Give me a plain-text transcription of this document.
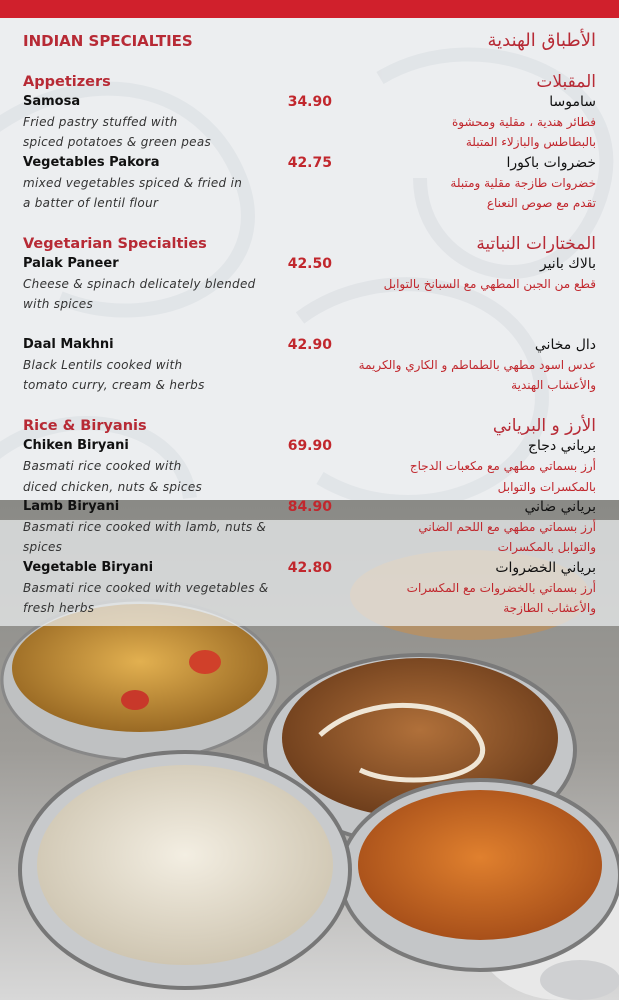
INDIAN SPECIALTIES	الأطباق الهندية
Appetizers	المقبلات
Samosa	34.90	ساموسا
Fried pastry stuffed with	فطائر هندية ، مقلية ومحشوة
spiced potatoes & green peas	بالبطاطس والبازلاء المتبلة
Vegetables Pakora	42.75	خضروات باكورا
mixed vegetables spiced & fried in	خضروات طازجة مقلية ومتبلة
a batter of lentil flour	تقدم مع صوص النعناع
Vegetarian Specialties	المختارات النباتية
Palak Paneer	42.50	بالاك بانير
Cheese & spinach delicately blended	قطع من الجبن المطهي مع السبانخ بالتوابل
with spices
Daal Makhni	42.90	دال مخاني
Black Lentils cooked with	عدس اسود مطهي بالطماطم و الكاري والكريمة
tomato curry, cream & herbs	والأعشاب الهندية
Rice & Biryanis	الأرز و البرياني
Chiken Biryani	69.90	برياني دجاج
Basmati rice cooked with	أرز بسماتي مطهي مع مكعبات الدجاج
diced chicken, nuts & spices	بالمكسرات والتوابل
Lamb Biryani	84.90	برياني ضاني
Basmati rice cooked with lamb, nuts &	أرز بسماتي مطهي مع اللحم الضاني
spices	والتوابل بالمكسرات
Vegetable Biryani	42.80	برياني الخضروات
Basmati rice cooked with vegetables &	أرز بسماتي بالخضروات مع المكسرات
fresh herbs	والأعشاب الطازجة
